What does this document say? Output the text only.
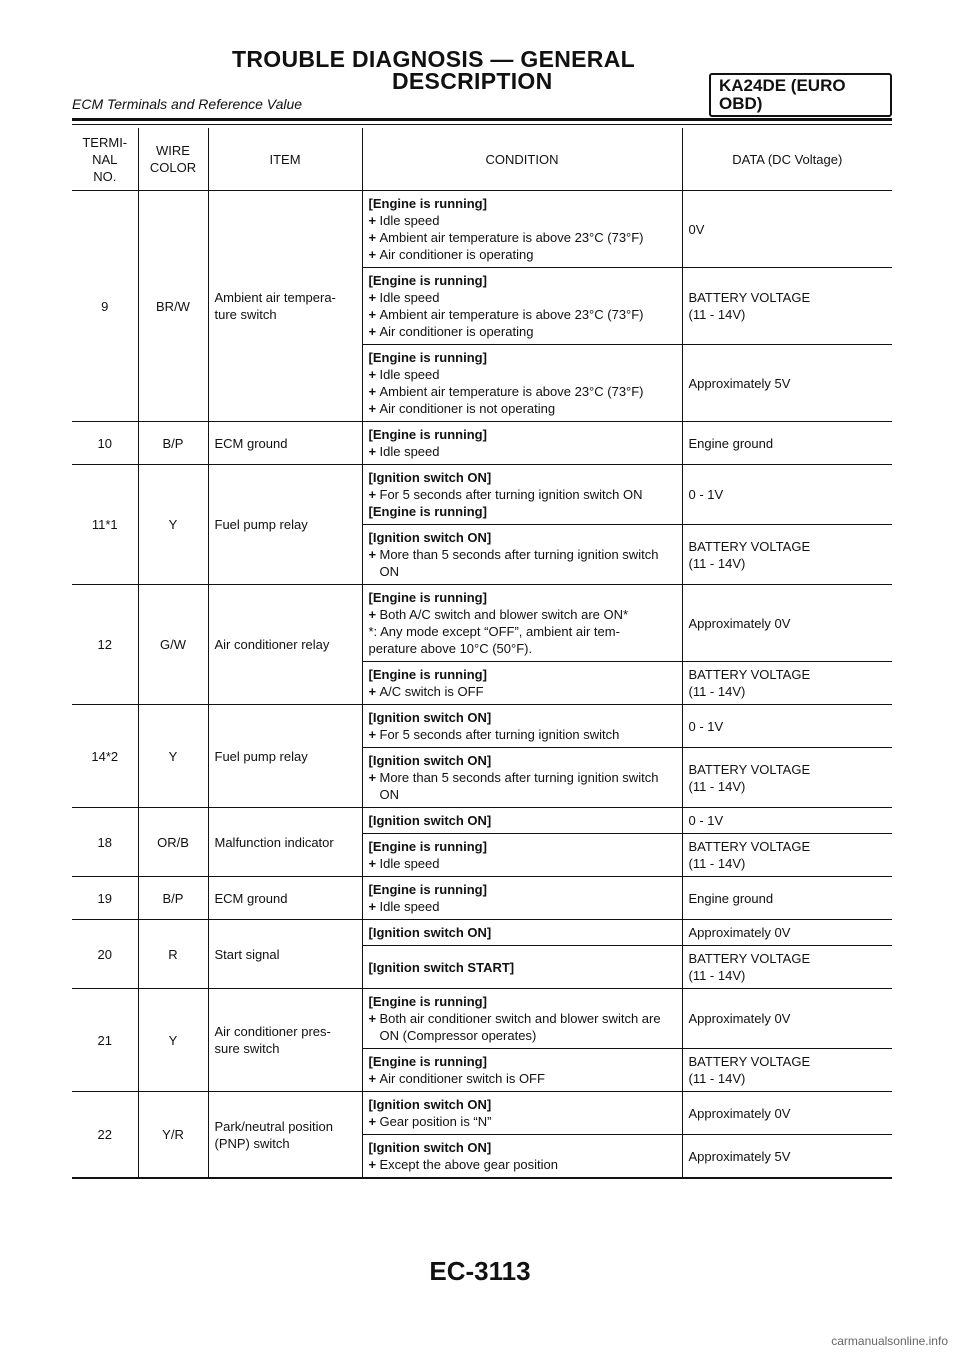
TROUBLE DIAGNOSIS — GENERAL
DESCRIPTION	KA24DE (EURO OBD)
ECM Terminals and Reference Value
TERMI-
NAL
NO.	WIRE
COLOR	ITEM	CONDITION	DATA (DC Voltage)
9	BR/W	Ambient air tempera-
ture switch	[Engine is running]
+ Idle speed
+ Ambient air temperature is above 23°C (73°F)
+ Air conditioner is operating	0V

			[Engine is running]
+ Idle speed
+ Ambient air temperature is above 23°C (73°F)
+ Air conditioner is operating	BATTERY VOLTAGE
(11 - 14V)

			[Engine is running]
+ Idle speed
+ Ambient air temperature is above 23°C (73°F)
+ Air conditioner is not operating	Approximately 5V
10	B/P	ECM ground	[Engine is running]
+ Idle speed	Engine ground
11*1	Y	Fuel pump relay	[Ignition switch ON]
+ For 5 seconds after turning ignition switch ON
[Engine is running]	0 - 1V

			[Ignition switch ON]
+ More than 5 seconds after turning ignition switch ON	BATTERY VOLTAGE
(11 - 14V)
12	G/W	Air conditioner relay	[Engine is running]
+ Both A/C switch and blower switch are ON*
*: Any mode except “OFF”, ambient air tem-
perature above 10°C (50°F).	Approximately 0V

			[Engine is running]
+ A/C switch is OFF	BATTERY VOLTAGE
(11 - 14V)
14*2	Y	Fuel pump relay	[Ignition switch ON]
+ For 5 seconds after turning ignition switch	0 - 1V

			[Ignition switch ON]
+ More than 5 seconds after turning ignition switch ON	BATTERY VOLTAGE
(11 - 14V)
18	OR/B	Malfunction indicator	[Ignition switch ON]	0 - 1V

			[Engine is running]
+ Idle speed	BATTERY VOLTAGE
(11 - 14V)
19	B/P	ECM ground	[Engine is running]
+ Idle speed	Engine ground
20	R	Start signal	[Ignition switch ON]	Approximately 0V

			[Ignition switch START]	BATTERY VOLTAGE
(11 - 14V)
21	Y	Air conditioner pres-
sure switch	[Engine is running]
+ Both air conditioner switch and blower switch are ON (Compressor operates)	Approximately 0V

			[Engine is running]
+ Air conditioner switch is OFF	BATTERY VOLTAGE
(11 - 14V)
22	Y/R	Park/neutral position
(PNP) switch	[Ignition switch ON]
+ Gear position is “N”	Approximately 0V

			[Ignition switch ON]
+ Except the above gear position	Approximately 5V
EC-3113
carmanualsonline.info
